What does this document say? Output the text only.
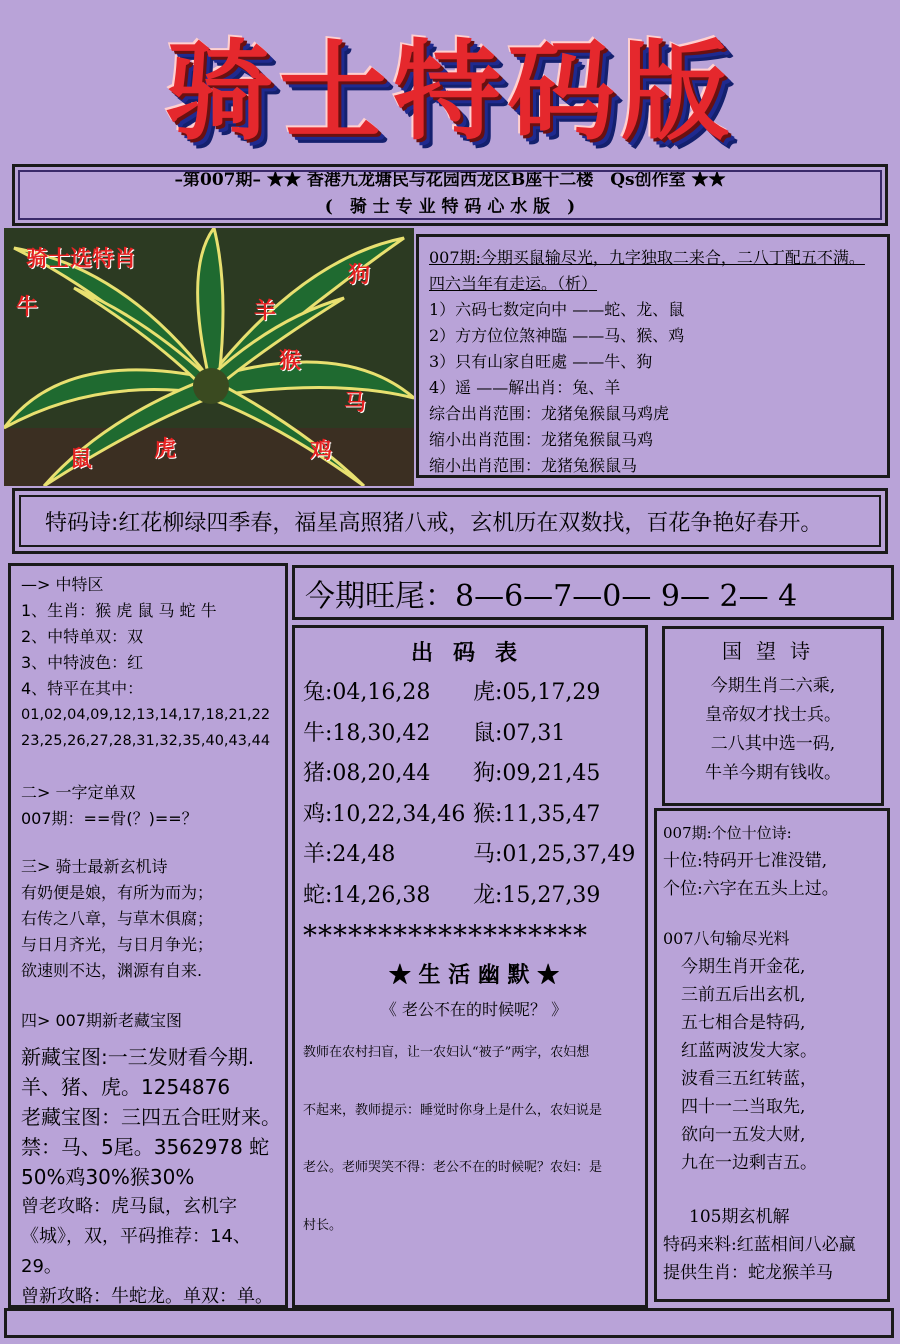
骑士特码版
–第007期– ★★ 香港九龙塘民与花园西龙区B座十二楼　Qs创作室 ★★
(　骑 士 专 业 特 码 心 水 版　)
骑士选特肖
牛	羊
猴
马
鸡
虎
鼠
狗
007期:今期买鼠输尽光，九字独取二来合，二八丁配五不满。四六当年有走运。（析）
1）六码七数定向中 ——蛇、龙、鼠
2）方方位位煞神臨 ——马、猴、鸡
3）只有山家自旺處 ——牛、狗
4）遥 ——解出肖：兔、羊
综合出肖范围：龙猪兔猴鼠马鸡虎
缩小出肖范围：龙猪兔猴鼠马鸡
缩小出肖范围：龙猪兔猴鼠马
特码诗:红花柳绿四季春，福星高照猪八戒，玄机历在双数找，百花争艳好春开。
—> 中特区
1、生肖：猴 虎 鼠 马 蛇 牛
2、中特单双：双
3、中特波色：红
4、特平在其中：
01,02,04,09,12,13,14,17,18,21,22
23,25,26,27,28,31,32,35,40,43,44
二> 一字定单双
007期：==骨(？)==？
三> 骑士最新玄机诗
有奶便是娘，有所为而为；
右传之八章，与草木俱腐；
与日月齐光，与日月争光；
欲速则不达，渊源有自来.
四> 007期新老藏宝图
新藏宝图:一三发财看今期.羊、猪、虎。1254876
老藏宝图：三四五合旺财来。禁：马、5尾。3562978 蛇50%鸡30%猴30%
曾老攻略：虎马鼠，玄机字《城》，双，平码推荐：14、29。
曾新攻略：牛蛇龙。单双：单。
今期旺尾：8—6—7—0— 9— 2— 4
出码表
兔:04,16,28	虎:05,17,29
牛:18,30,42	鼠:07,31
猪:08,20,44	狗:09,21,45
鸡:10,22,34,46 猴:11,35,47
羊:24,48	马:01,25,37,49
蛇:14,26,38	龙:15,27,39
*******************
★ 生 活 幽 默 ★
《 老公不在的时候呢？ 》
教师在农村扫盲，让一农妇认“被子”两字，农妇想
不起来，教师提示：睡觉时你身上是什么，农妇说是
老公。老师哭笑不得：老公不在的时候呢？农妇：是
村长。
国望诗
今期生肖二六乘,
皇帝奴才找士兵。
二八其中选一码,
牛羊今期有钱收。
007期:个位十位诗:
十位:特码开七准没错,
个位:六字在五头上过。
007八句输尽光料
今期生肖开金花,
三前五后出玄机,
五七相合是特码,
红蓝两波发大家。
波看三五红转蓝，
四十一二当取先,
欲向一五发大财,
九在一边剩吉五。
105期玄机解
特码来料:红蓝相间八必赢
提供生肖：蛇龙猴羊马
